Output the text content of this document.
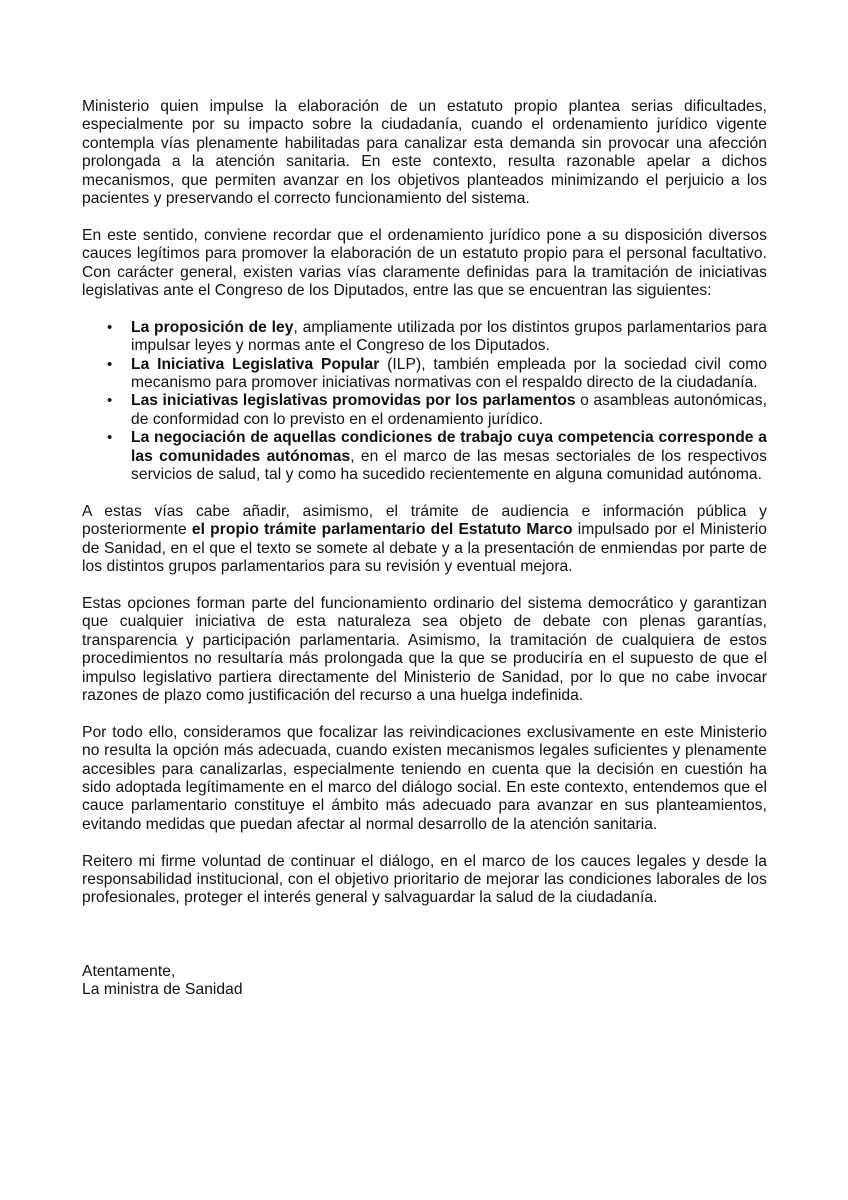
Ministerio quien impulse la elaboración de un estatuto propio plantea serias dificultades, especialmente por su impacto sobre la ciudadanía, cuando el ordenamiento jurídico vigente contempla vías plenamente habilitadas para canalizar esta demanda sin provocar una afección prolongada a la atención sanitaria. En este contexto, resulta razonable apelar a dichos mecanismos, que permiten avanzar en los objetivos planteados minimizando el perjuicio a los pacientes y preservando el correcto funcionamiento del sistema.

En este sentido, conviene recordar que el ordenamiento jurídico pone a su disposición diversos cauces legítimos para promover la elaboración de un estatuto propio para el personal facultativo. Con carácter general, existen varias vías claramente definidas para la tramitación de iniciativas legislativas ante el Congreso de los Diputados, entre las que se encuentran las siguientes:

• La proposición de ley, ampliamente utilizada por los distintos grupos parlamentarios para impulsar leyes y normas ante el Congreso de los Diputados.
• La Iniciativa Legislativa Popular (ILP), también empleada por la sociedad civil como mecanismo para promover iniciativas normativas con el respaldo directo de la ciudadanía.
• Las iniciativas legislativas promovidas por los parlamentos o asambleas autonómicas, de conformidad con lo previsto en el ordenamiento jurídico.
• La negociación de aquellas condiciones de trabajo cuya competencia corresponde a las comunidades autónomas, en el marco de las mesas sectoriales de los respectivos servicios de salud, tal y como ha sucedido recientemente en alguna comunidad autónoma.

A estas vías cabe añadir, asimismo, el trámite de audiencia e información pública y posteriormente el propio trámite parlamentario del Estatuto Marco impulsado por el Ministerio de Sanidad, en el que el texto se somete al debate y a la presentación de enmiendas por parte de los distintos grupos parlamentarios para su revisión y eventual mejora.

Estas opciones forman parte del funcionamiento ordinario del sistema democrático y garantizan que cualquier iniciativa de esta naturaleza sea objeto de debate con plenas garantías, transparencia y participación parlamentaria. Asimismo, la tramitación de cualquiera de estos procedimientos no resultaría más prolongada que la que se produciría en el supuesto de que el impulso legislativo partiera directamente del Ministerio de Sanidad, por lo que no cabe invocar razones de plazo como justificación del recurso a una huelga indefinida.

Por todo ello, consideramos que focalizar las reivindicaciones exclusivamente en este Ministerio no resulta la opción más adecuada, cuando existen mecanismos legales suficientes y plenamente accesibles para canalizarlas, especialmente teniendo en cuenta que la decisión en cuestión ha sido adoptada legítimamente en el marco del diálogo social. En este contexto, entendemos que el cauce parlamentario constituye el ámbito más adecuado para avanzar en sus planteamientos, evitando medidas que puedan afectar al normal desarrollo de la atención sanitaria.

Reitero mi firme voluntad de continuar el diálogo, en el marco de los cauces legales y desde la responsabilidad institucional, con el objetivo prioritario de mejorar las condiciones laborales de los profesionales, proteger el interés general y salvaguardar la salud de la ciudadanía.

Atentamente,
La ministra de Sanidad
